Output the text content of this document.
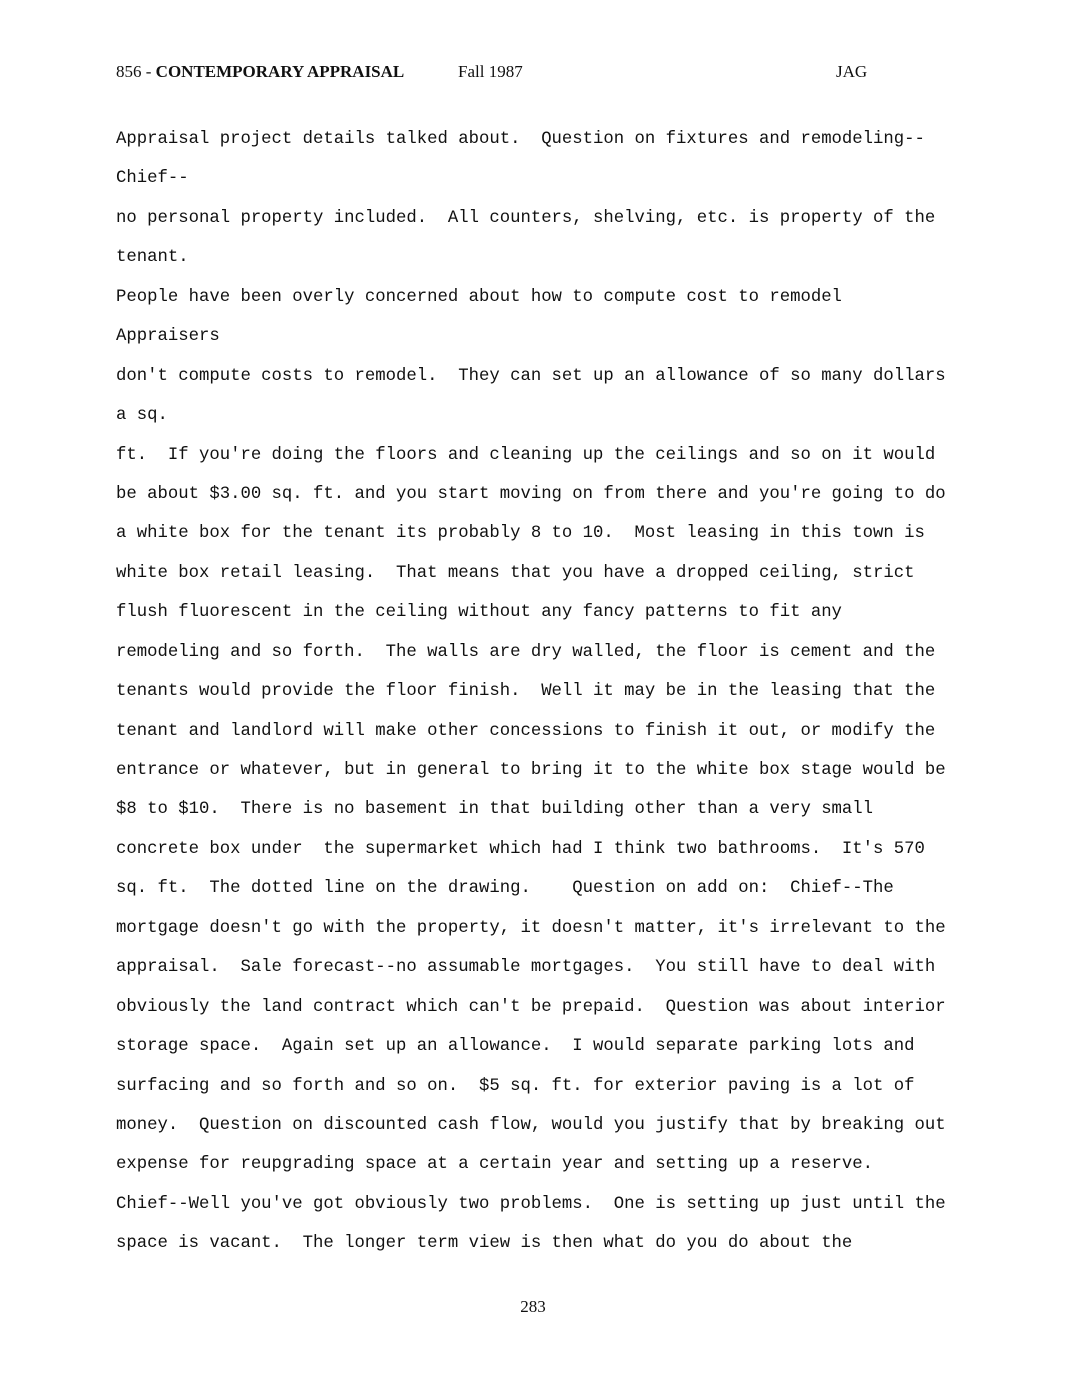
856 - CONTEMPORARY APPRAISAL	Fall 1987	JAG
Appraisal project details talked about.  Question on fixtures and remodeling--
Chief--
no personal property included.  All counters, shelving, etc. is property of the
tenant.
People have been overly concerned about how to compute cost to remodel
Appraisers
don't compute costs to remodel.  They can set up an allowance of so many dollars
a sq.
ft.  If you're doing the floors and cleaning up the ceilings and so on it would
be about $3.00 sq. ft. and you start moving on from there and you're going to do
a white box for the tenant its probably 8 to 10.  Most leasing in this town is
white box retail leasing.  That means that you have a dropped ceiling, strict
flush fluorescent in the ceiling without any fancy patterns to fit any
remodeling and so forth.  The walls are dry walled, the floor is cement and the
tenants would provide the floor finish.  Well it may be in the leasing that the
tenant and landlord will make other concessions to finish it out, or modify the
entrance or whatever, but in general to bring it to the white box stage would be
$8 to $10.  There is no basement in that building other than a very small
concrete box under  the supermarket which had I think two bathrooms.  It's 570
sq. ft.  The dotted line on the drawing.    Question on add on:  Chief--The
mortgage doesn't go with the property, it doesn't matter, it's irrelevant to the
appraisal.  Sale forecast--no assumable mortgages.  You still have to deal with
obviously the land contract which can't be prepaid.  Question was about interior
storage space.  Again set up an allowance.  I would separate parking lots and
surfacing and so forth and so on.  $5 sq. ft. for exterior paving is a lot of
money.  Question on discounted cash flow, would you justify that by breaking out
expense for reupgrading space at a certain year and setting up a reserve.
Chief--Well you've got obviously two problems.  One is setting up just until the
space is vacant.  The longer term view is then what do you do about the
283
